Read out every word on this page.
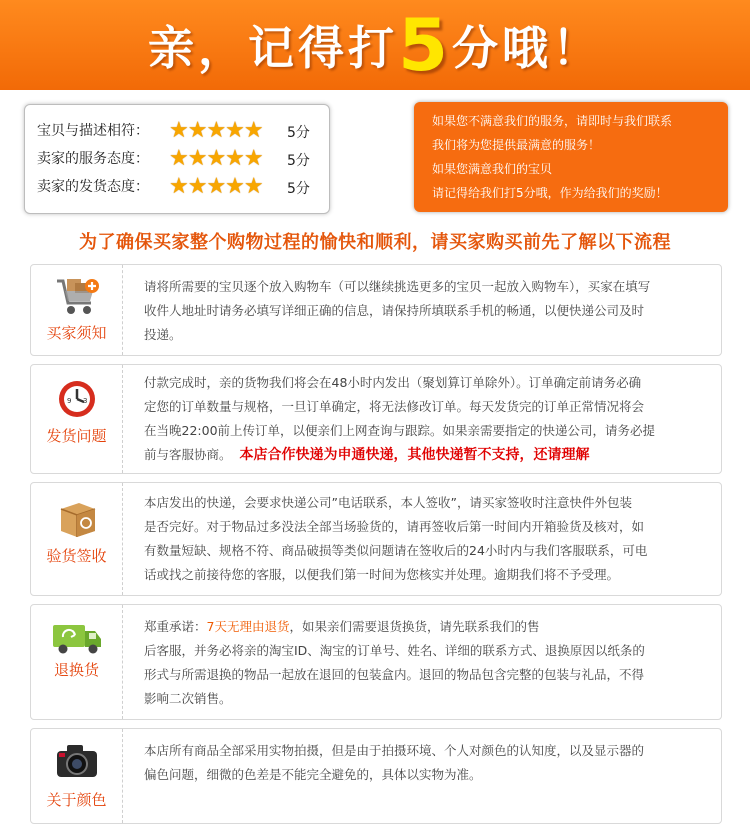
亲，记得打5分哦！
宝贝与描述相符： ★★★★★ 5分
卖家的服务态度： ★★★★★ 5分
卖家的发货态度： ★★★★★ 5分

如果您不满意我们的服务，请即时与我们联系

我们将为您提供最满意的服务！

如果您满意我们的宝贝

请记得给我们打5分哦，作为给我们的奖励！

为了确保买家整个购物过程的愉快和顺利，请买家购买前先了解以下流程
买家须知

请将所需要的宝贝逐个放入购物车（可以继续挑选更多的宝贝一起放入购物车），买家在填写

收件人地址时请务必填写详细正确的信息，请保持所填联系手机的畅通，以便快递公司及时

投递。

9 3
发货问题

付款完成时，亲的货物我们将会在48小时内发出（聚划算订单除外）。订单确定前请务必确

定您的订单数量与规格，一旦订单确定，将无法修改订单。每天发货完的订单正常情况将会

在当晚22:00前上传订单，以便亲们上网查询与跟踪。如果亲需要指定的快递公司，请务必提

前与客服协商。 本店合作快递为申通快递，其他快递暂不支持，还请理解

验货签收

本店发出的快递，会要求快递公司”电话联系，本人签收”，请买家签收时注意快件外包装

是否完好。对于物品过多没法全部当场验货的，请再签收后第一时间内开箱验货及核对，如

有数量短缺、规格不符、商品破损等类似问题请在签收后的24小时内与我们客服联系，可电

话或找之前接待您的客服，以便我们第一时间为您核实并处理。逾期我们将不予受理。

退换货

郑重承诺：7天无理由退货，如果亲们需要退货换货，请先联系我们的售

后客服，并务必将亲的淘宝ID、淘宝的订单号、姓名、详细的联系方式、退换原因以纸条的

形式与所需退换的物品一起放在退回的包装盒内。退回的物品包含完整的包装与礼品，不得

影响二次销售。

关于颜色

本店所有商品全部采用实物拍摄，但是由于拍摄环境、个人对颜色的认知度，以及显示器的

偏色问题，细微的色差是不能完全避免的，具体以实物为准。
